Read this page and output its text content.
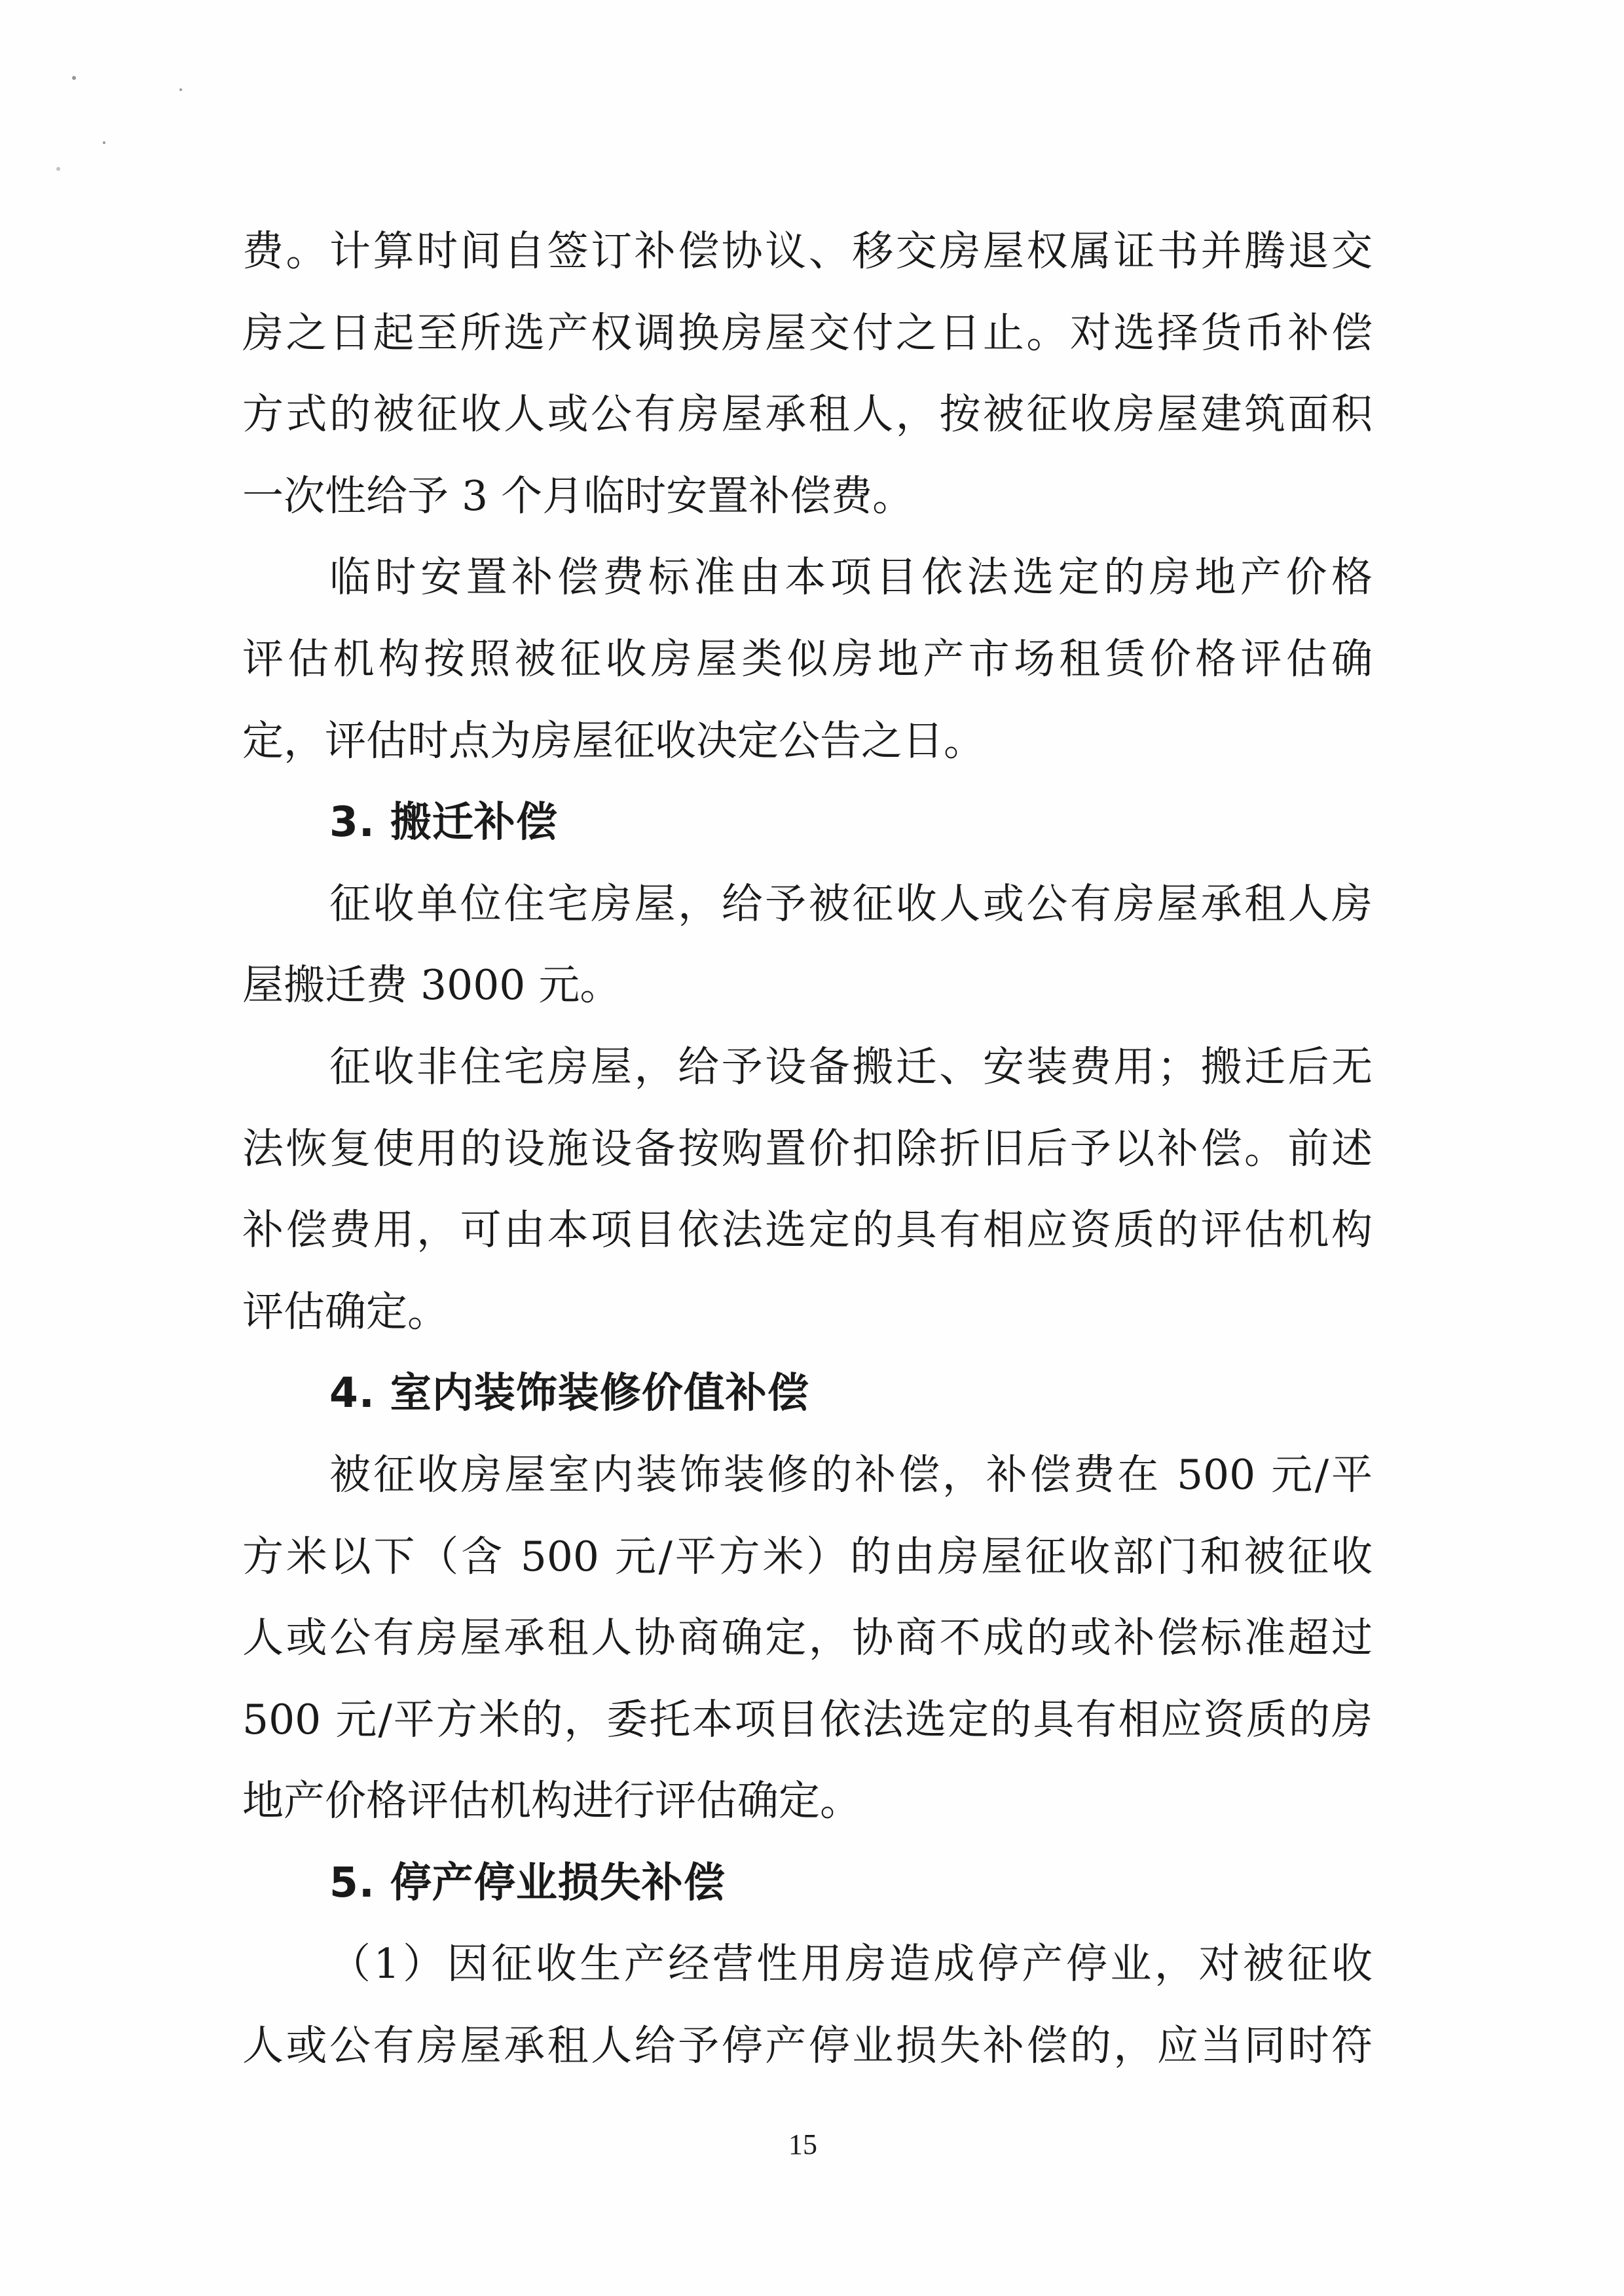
费。计算时间自签订补偿协议、移交房屋权属证书并腾退交
房之日起至所选产权调换房屋交付之日止。对选择货币补偿
方式的被征收人或公有房屋承租人，按被征收房屋建筑面积
一次性给予 3 个月临时安置补偿费。
临时安置补偿费标准由本项目依法选定的房地产价格
评估机构按照被征收房屋类似房地产市场租赁价格评估确
定，评估时点为房屋征收决定公告之日。
3. 搬迁补偿
征收单位住宅房屋，给予被征收人或公有房屋承租人房
屋搬迁费 3000 元。
征收非住宅房屋，给予设备搬迁、安装费用；搬迁后无
法恢复使用的设施设备按购置价扣除折旧后予以补偿。前述
补偿费用，可由本项目依法选定的具有相应资质的评估机构
评估确定。
4. 室内装饰装修价值补偿
被征收房屋室内装饰装修的补偿，补偿费在 500 元/平
方米以下（含 500 元/平方米）的由房屋征收部门和被征收
人或公有房屋承租人协商确定，协商不成的或补偿标准超过
500 元/平方米的，委托本项目依法选定的具有相应资质的房
地产价格评估机构进行评估确定。
5. 停产停业损失补偿
（1）因征收生产经营性用房造成停产停业，对被征收
人或公有房屋承租人给予停产停业损失补偿的，应当同时符
15
